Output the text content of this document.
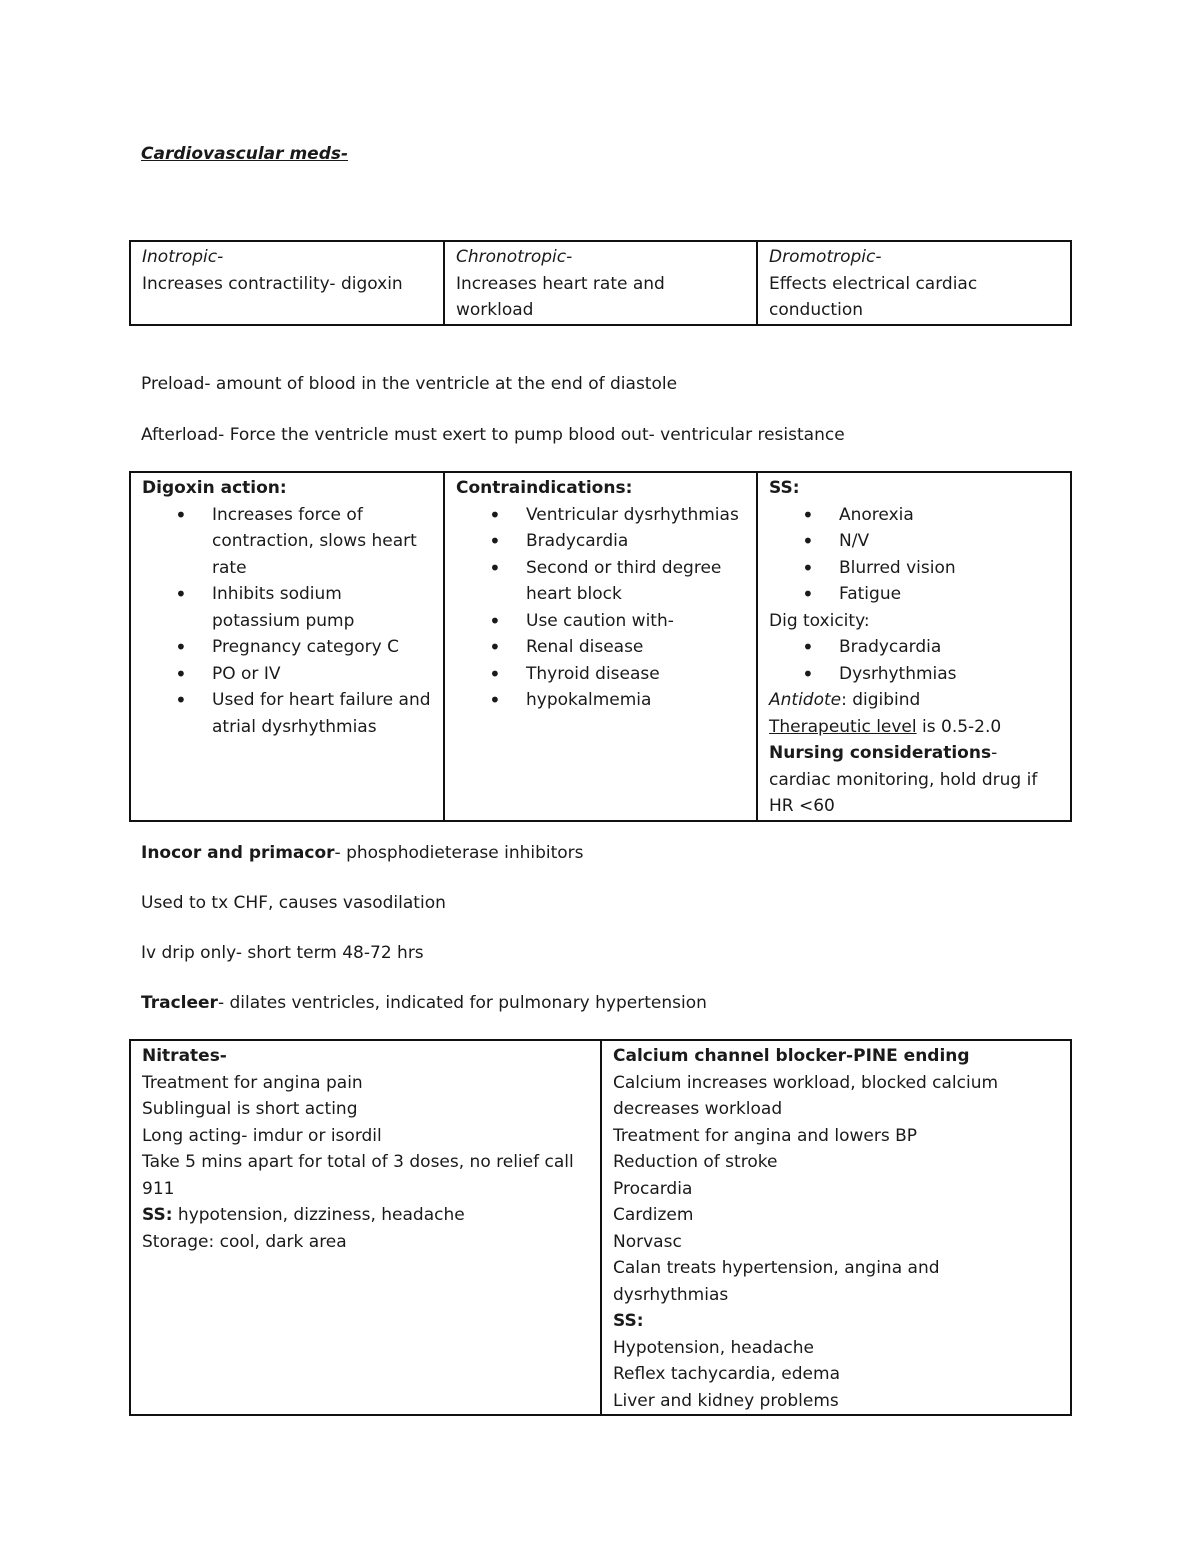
Cardiovascular meds-
Inotropic-
Increases contractility- digoxin

Chronotropic-
Increases heart rate and workload

Dromotropic-
Effects electrical cardiac conduction
Preload- amount of blood in the ventricle at the end of diastole
Afterload- Force the ventricle must exert to pump blood out- ventricular resistance
Digoxin action:
• Increases force of contraction, slows heart rate
• Inhibits sodium potassium pump
• Pregnancy category C
• PO or IV
• Used for heart failure and atrial dysrhythmias

Contraindications:
• Ventricular dysrhythmias
• Bradycardia
• Second or third degree heart block
• Use caution with-
• Renal disease
• Thyroid disease
• hypokalmemia

SS:
• Anorexia
• N/V
• Blurred vision
• Fatigue
Dig toxicity:
• Bradycardia
• Dysrhythmias
Antidote: digibind
Therapeutic level is 0.5-2.0
Nursing considerations- cardiac monitoring, hold drug if HR <60
Inocor and primacor- phosphodieterase inhibitors
Used to tx CHF, causes vasodilation
Iv drip only- short term 48-72 hrs
Tracleer- dilates ventricles, indicated for pulmonary hypertension
Nitrates-
Treatment for angina pain
Sublingual is short acting
Long acting- imdur or isordil
Take 5 mins apart for total of 3 doses, no relief call 911
SS: hypotension, dizziness, headache
Storage: cool, dark area

Calcium channel blocker-PINE ending
Calcium increases workload, blocked calcium decreases workload
Treatment for angina and lowers BP
Reduction of stroke
Procardia
Cardizem
Norvasc
Calan treats hypertension, angina and dysrhythmias
SS:
Hypotension, headache
Reflex tachycardia, edema
Liver and kidney problems
